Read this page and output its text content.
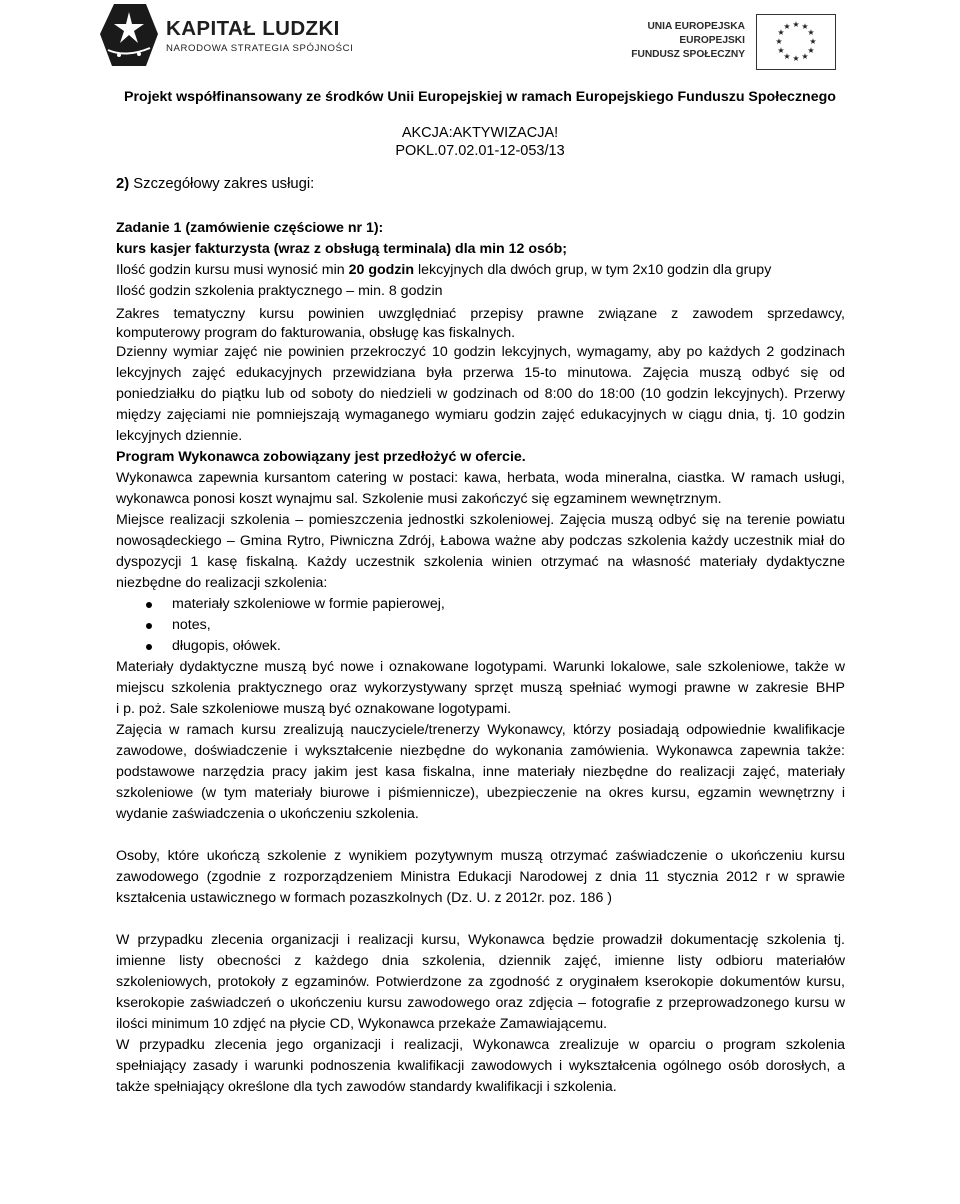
KAPITAŁ LUDZKI
NARODOWA STRATEGIA SPÓJNOŚCI
UNIA EUROPEJSKA
EUROPEJSKI
FUNDUSZ SPOŁECZNY
★ ★
★
★
★
★
★
★
★
★
★
★
Projekt współfinansowany ze środków Unii Europejskiej w ramach Europejskiego Funduszu Społecznego
AKCJA:AKTYWIZACJA!
POKL.07.02.01-12-053/13
2) Szczegółowy zakres usługi:
Zadanie 1 (zamówienie częściowe nr 1):
kurs kasjer fakturzysta (wraz z obsługą terminala) dla min 12 osób;
Ilość godzin kursu musi wynosić min 20 godzin lekcyjnych dla dwóch grup, w tym 2x10 godzin dla grupy
Ilość godzin szkolenia praktycznego – min. 8 godzin
Zakres tematyczny kursu powinien uwzględniać przepisy prawne związane z zawodem sprzedawcy,
komputerowy program do fakturowania, obsługę kas fiskalnych.
Dzienny wymiar zajęć nie powinien przekroczyć 10 godzin lekcyjnych, wymagamy, aby po każdych 2 godzinach
lekcyjnych zajęć edukacyjnych przewidziana była przerwa 15-to minutowa. Zajęcia muszą odbyć się od
poniedziałku do piątku lub od soboty do niedzieli w godzinach od 8:00 do 18:00 (10 godzin lekcyjnych). Przerwy
między zajęciami nie pomniejszają wymaganego wymiaru godzin zajęć edukacyjnych w ciągu dnia, tj. 10 godzin
lekcyjnych dziennie.
Program Wykonawca zobowiązany jest przedłożyć w ofercie.
Wykonawca zapewnia kursantom catering w postaci: kawa, herbata, woda mineralna, ciastka. W ramach usługi,
wykonawca ponosi koszt wynajmu sal. Szkolenie musi zakończyć się egzaminem wewnętrznym.
Miejsce realizacji szkolenia – pomieszczenia jednostki szkoleniowej. Zajęcia muszą odbyć się na terenie powiatu
nowosądeckiego – Gmina Rytro, Piwniczna Zdrój, Łabowa ważne aby podczas szkolenia każdy uczestnik miał do
dyspozycji 1 kasę fiskalną. Każdy uczestnik szkolenia winien otrzymać na własność materiały dydaktyczne
niezbędne do realizacji szkolenia:
materiały szkoleniowe w formie papierowej,
notes,
długopis, ołówek.
Materiały dydaktyczne muszą być nowe i oznakowane logotypami. Warunki lokalowe, sale szkoleniowe, także w
miejscu szkolenia praktycznego oraz wykorzystywany sprzęt muszą spełniać wymogi prawne w zakresie BHP
i p. poż. Sale szkoleniowe muszą być oznakowane logotypami.
Zajęcia w ramach kursu zrealizują nauczyciele/trenerzy Wykonawcy, którzy posiadają odpowiednie kwalifikacje
zawodowe, doświadczenie i wykształcenie niezbędne do wykonania zamówienia. Wykonawca zapewnia także:
podstawowe narzędzia pracy jakim jest kasa fiskalna, inne materiały niezbędne do realizacji zajęć, materiały
szkoleniowe (w tym materiały biurowe i piśmiennicze), ubezpieczenie na okres kursu, egzamin wewnętrzny i
wydanie zaświadczenia o ukończeniu szkolenia.
Osoby, które ukończą szkolenie z wynikiem pozytywnym muszą otrzymać zaświadczenie o ukończeniu kursu
zawodowego (zgodnie z rozporządzeniem Ministra Edukacji Narodowej z dnia 11 stycznia 2012 r w sprawie
kształcenia ustawicznego w formach pozaszkolnych (Dz. U. z 2012r. poz. 186 )
W przypadku zlecenia organizacji i realizacji kursu, Wykonawca będzie prowadził dokumentację szkolenia tj.
imienne listy obecności z każdego dnia szkolenia, dziennik zajęć, imienne listy odbioru materiałów
szkoleniowych, protokoły z egzaminów. Potwierdzone za zgodność z oryginałem kserokopie dokumentów kursu,
kserokopie zaświadczeń o ukończeniu kursu zawodowego oraz zdjęcia – fotografie z przeprowadzonego kursu w
ilości minimum 10 zdjęć na płycie CD, Wykonawca przekaże Zamawiającemu.
W przypadku zlecenia jego organizacji i realizacji, Wykonawca zrealizuje w oparciu o program szkolenia
spełniający zasady i warunki podnoszenia kwalifikacji zawodowych i wykształcenia ogólnego osób dorosłych, a
także spełniający określone dla tych zawodów standardy kwalifikacji i szkolenia.
